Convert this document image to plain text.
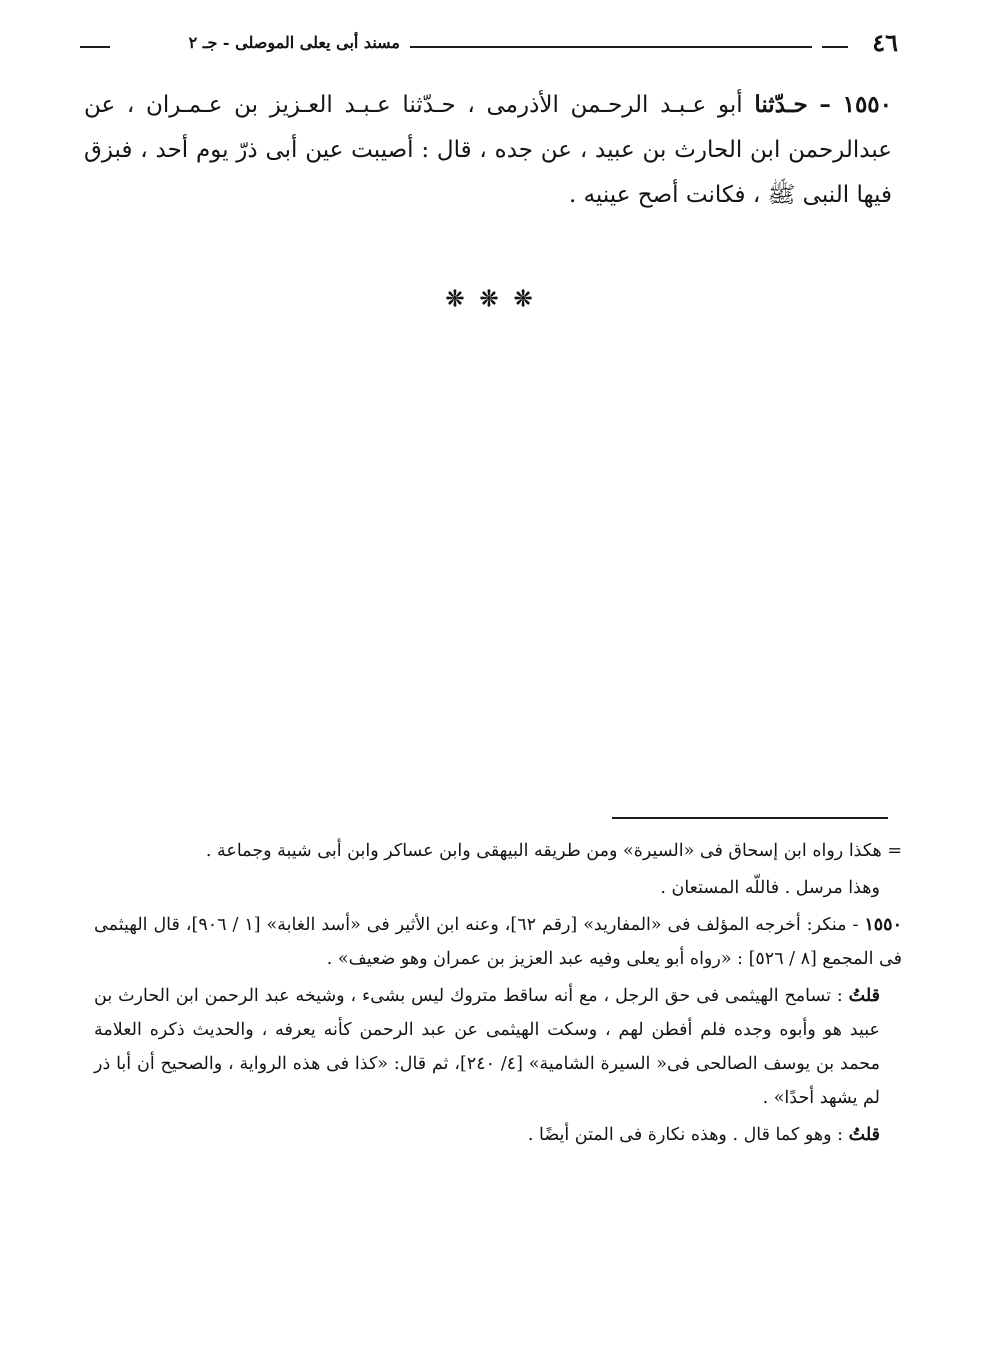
٤٦
مسند أبى يعلى الموصلى - جـ ٢

١٥٥٠ – حـدّثنا أبو عـبـد الرحـمن الأذرمى ، حـدّثنا عـبـد العـزيز بن عـمـران ، عن عبدالرحمن ابن الحارث بن عبيد ، عن جده ، قال : أصيبت عين أبى ذرّ يوم أحد ، فبزق فيها النبى ﷺ ، فكانت أصح عينيه .

❊ ❊ ❊

= هكذا رواه ابن إسحاق فى «السيرة» ومن طريقه البيهقى وابن عساكر وابن أبى شيبة وجماعة .

وهذا مرسل . فاللّه المستعان .

١٥٥٠ - منكر: أخرجه المؤلف فى «المفاريد» [رقم ٦٢]، وعنه ابن الأثير فى «أسد الغابة» [١ / ٩٠٦]، قال الهيثمى فى المجمع [٨ / ٥٢٦] : «رواه أبو يعلى وفيه عبد العزيز بن عمران وهو ضعيف» .

قلتُ : تسامح الهيثمى فى حق الرجل ، مع أنه ساقط متروك ليس بشىء ، وشيخه عبد الرحمن ابن الحارث بن عبيد هو وأبوه وجده فلم أفطن لهم ، وسكت الهيثمى عن عبد الرحمن كأنه يعرفه ، والحديث ذكره العلامة محمد بن يوسف الصالحى فى« السيرة الشامية» [٤/ ٢٤٠]، ثم قال: «كذا فى هذه الرواية ، والصحيح أن أبا ذر لم يشهد أحدًا» .

قلتُ : وهو كما قال . وهذه نكارة فى المتن أيضًا .
